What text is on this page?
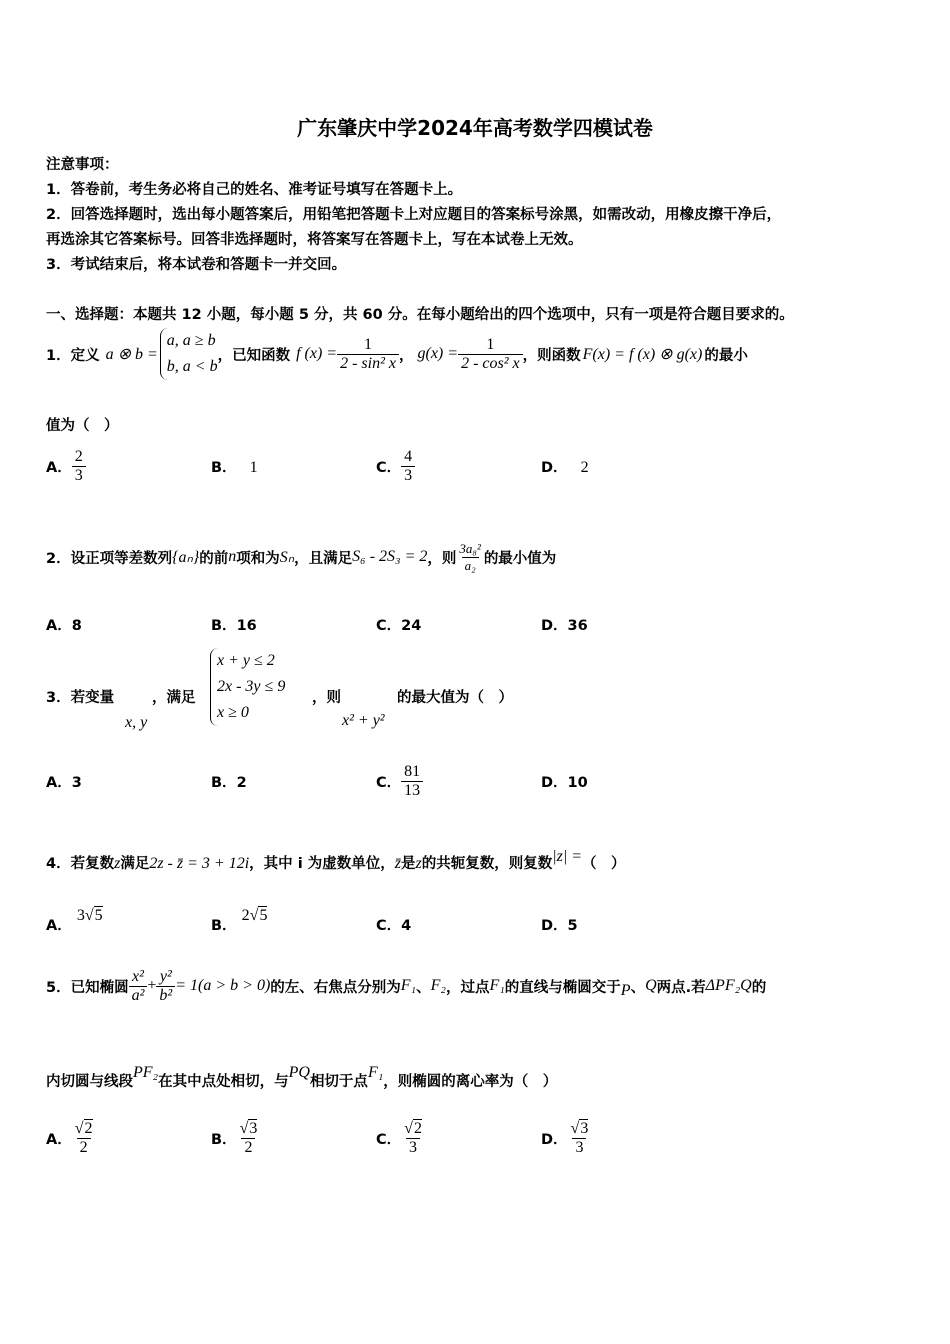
广东肇庆中学2024年高考数学四模试卷
注意事项：
1．答卷前，考生务必将自己的姓名、准考证号填写在答题卡上。
2．回答选择题时，选出每小题答案后，用铅笔把答题卡上对应题目的答案标号涂黑，如需改动，用橡皮擦干净后，
再选涂其它答案标号。回答非选择题时，将答案写在答题卡上，写在本试卷上无效。
3．考试结束后，将本试卷和答题卡一并交回。
一、选择题：本题共 12 小题，每小题 5 分，共 60 分。在每小题给出的四个选项中，只有一项是符合题目要求的。
1．定义 a ⊗ b =
a, a ≥ b
b, a < b
，已知函数 f $(x) = \frac{1}{\text{2 - sin² x}}$ ， $g(x) = \frac{1}{\text{2 - cos² x}}$ ，则函数 F(x) = f (x) ⊗ g(x) 的最小
值为（　）
A． $\frac{2}{3}$	B． 1	C． $\frac{4}{3}$	D． 2
2．设正项等差数列 {aₙ} 的前 n 项和为 Sₙ ，且满足 S₆ - 2S₃ = 2 ，则 $\frac{\text{3a₈²}}{\text{a₂}}$ 的最小值为
A．8	B．16	C．24	D．36
3．若变量
x, y
，满足
x + y ≤ 2
2x - 3y ≤ 9
x ≥ 0
，则
x² + y²
的最大值为（　）
A．3	B．2	C． $\frac{81}{13}$	D．10
4．若复数z满足2z - z̄ = 3 + 12i，其中 i 为虚数单位，z̄是z的共轭复数，则复数|z| =（　）
A． 3√5
B． 2√5
C．4	D．5
5．已知椭圆 $\frac{\text{x²}}{\text{a²}} + \frac{\text{y²}}{\text{b²}} = 1(a > b > 0)$ 的左、右焦点分别为 F₁ 、 F₂ ，过点 F₁ 的直线与椭圆交于 P 、 Q 两点.若 ΔPF₂Q 的
内切圆与线段PF₂在其中点处相切，与PQ相切于点F₁，则椭圆的离心率为（　）
A． $\frac{√2}{2}$	B． $\frac{√3}{2}$	C． $\frac{√2}{3}$	D． $\frac{√3}{3}$
